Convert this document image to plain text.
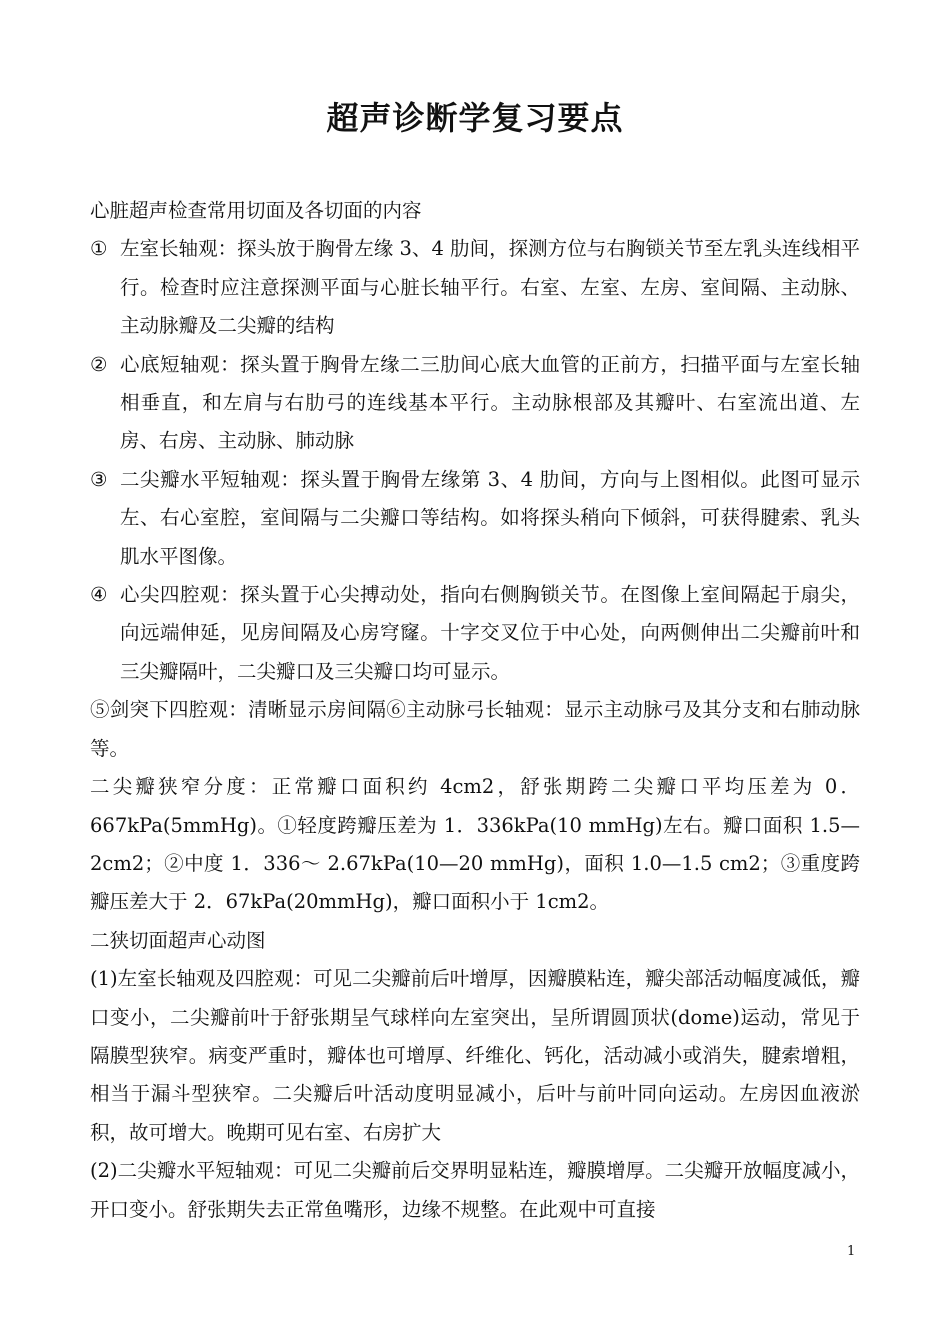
超声诊断学复习要点

心脏超声检查常用切面及各切面的内容

① 左室长轴观：探头放于胸骨左缘 3、4 肋间，探测方位与右胸锁关节至左乳头连线相平行。检查时应注意探测平面与心脏长轴平行。右室、左室、左房、室间隔、主动脉、主动脉瓣及二尖瓣的结构
② 心底短轴观：探头置于胸骨左缘二三肋间心底大血管的正前方，扫描平面与左室长轴相垂直，和左肩与右肋弓的连线基本平行。主动脉根部及其瓣叶、右室流出道、左房、右房、主动脉、肺动脉
③ 二尖瓣水平短轴观：探头置于胸骨左缘第 3、4 肋间，方向与上图相似。此图可显示左、右心室腔，室间隔与二尖瓣口等结构。如将探头稍向下倾斜，可获得腱索、乳头肌水平图像。
④ 心尖四腔观：探头置于心尖搏动处，指向右侧胸锁关节。在图像上室间隔起于扇尖，向远端伸延，见房间隔及心房穹窿。十字交叉位于中心处，向两侧伸出二尖瓣前叶和三尖瓣隔叶，二尖瓣口及三尖瓣口均可显示。

⑤剑突下四腔观：清晰显示房间隔⑥主动脉弓长轴观：显示主动脉弓及其分支和右肺动脉等。

二尖瓣狭窄分度：正常瓣口面积约 4cm2，舒张期跨二尖瓣口平均压差为 0．667kPa(5mmHg)。①轻度跨瓣压差为 1．336kPa(10 mmHg)左右。瓣口面积 1.5—2cm2；②中度 1．336～ 2.67kPa(10—20 mmHg)，面积 1.0—1.5 cm2；③重度跨瓣压差大于 2．67kPa(20mmHg)，瓣口面积小于 1cm2。

二狭切面超声心动图

(1)左室长轴观及四腔观：可见二尖瓣前后叶增厚，因瓣膜粘连，瓣尖部活动幅度减低，瓣口变小，二尖瓣前叶于舒张期呈气球样向左室突出，呈所谓圆顶状(dome)运动，常见于隔膜型狭窄。病变严重时，瓣体也可增厚、纤维化、钙化，活动减小或消失，腱索增粗，相当于漏斗型狭窄。二尖瓣后叶活动度明显减小，后叶与前叶同向运动。左房因血液淤积，故可增大。晚期可见右室、右房扩大

(2)二尖瓣水平短轴观：可见二尖瓣前后交界明显粘连，瓣膜增厚。二尖瓣开放幅度减小，开口变小。舒张期失去正常鱼嘴形，边缘不规整。在此观中可直接

1
